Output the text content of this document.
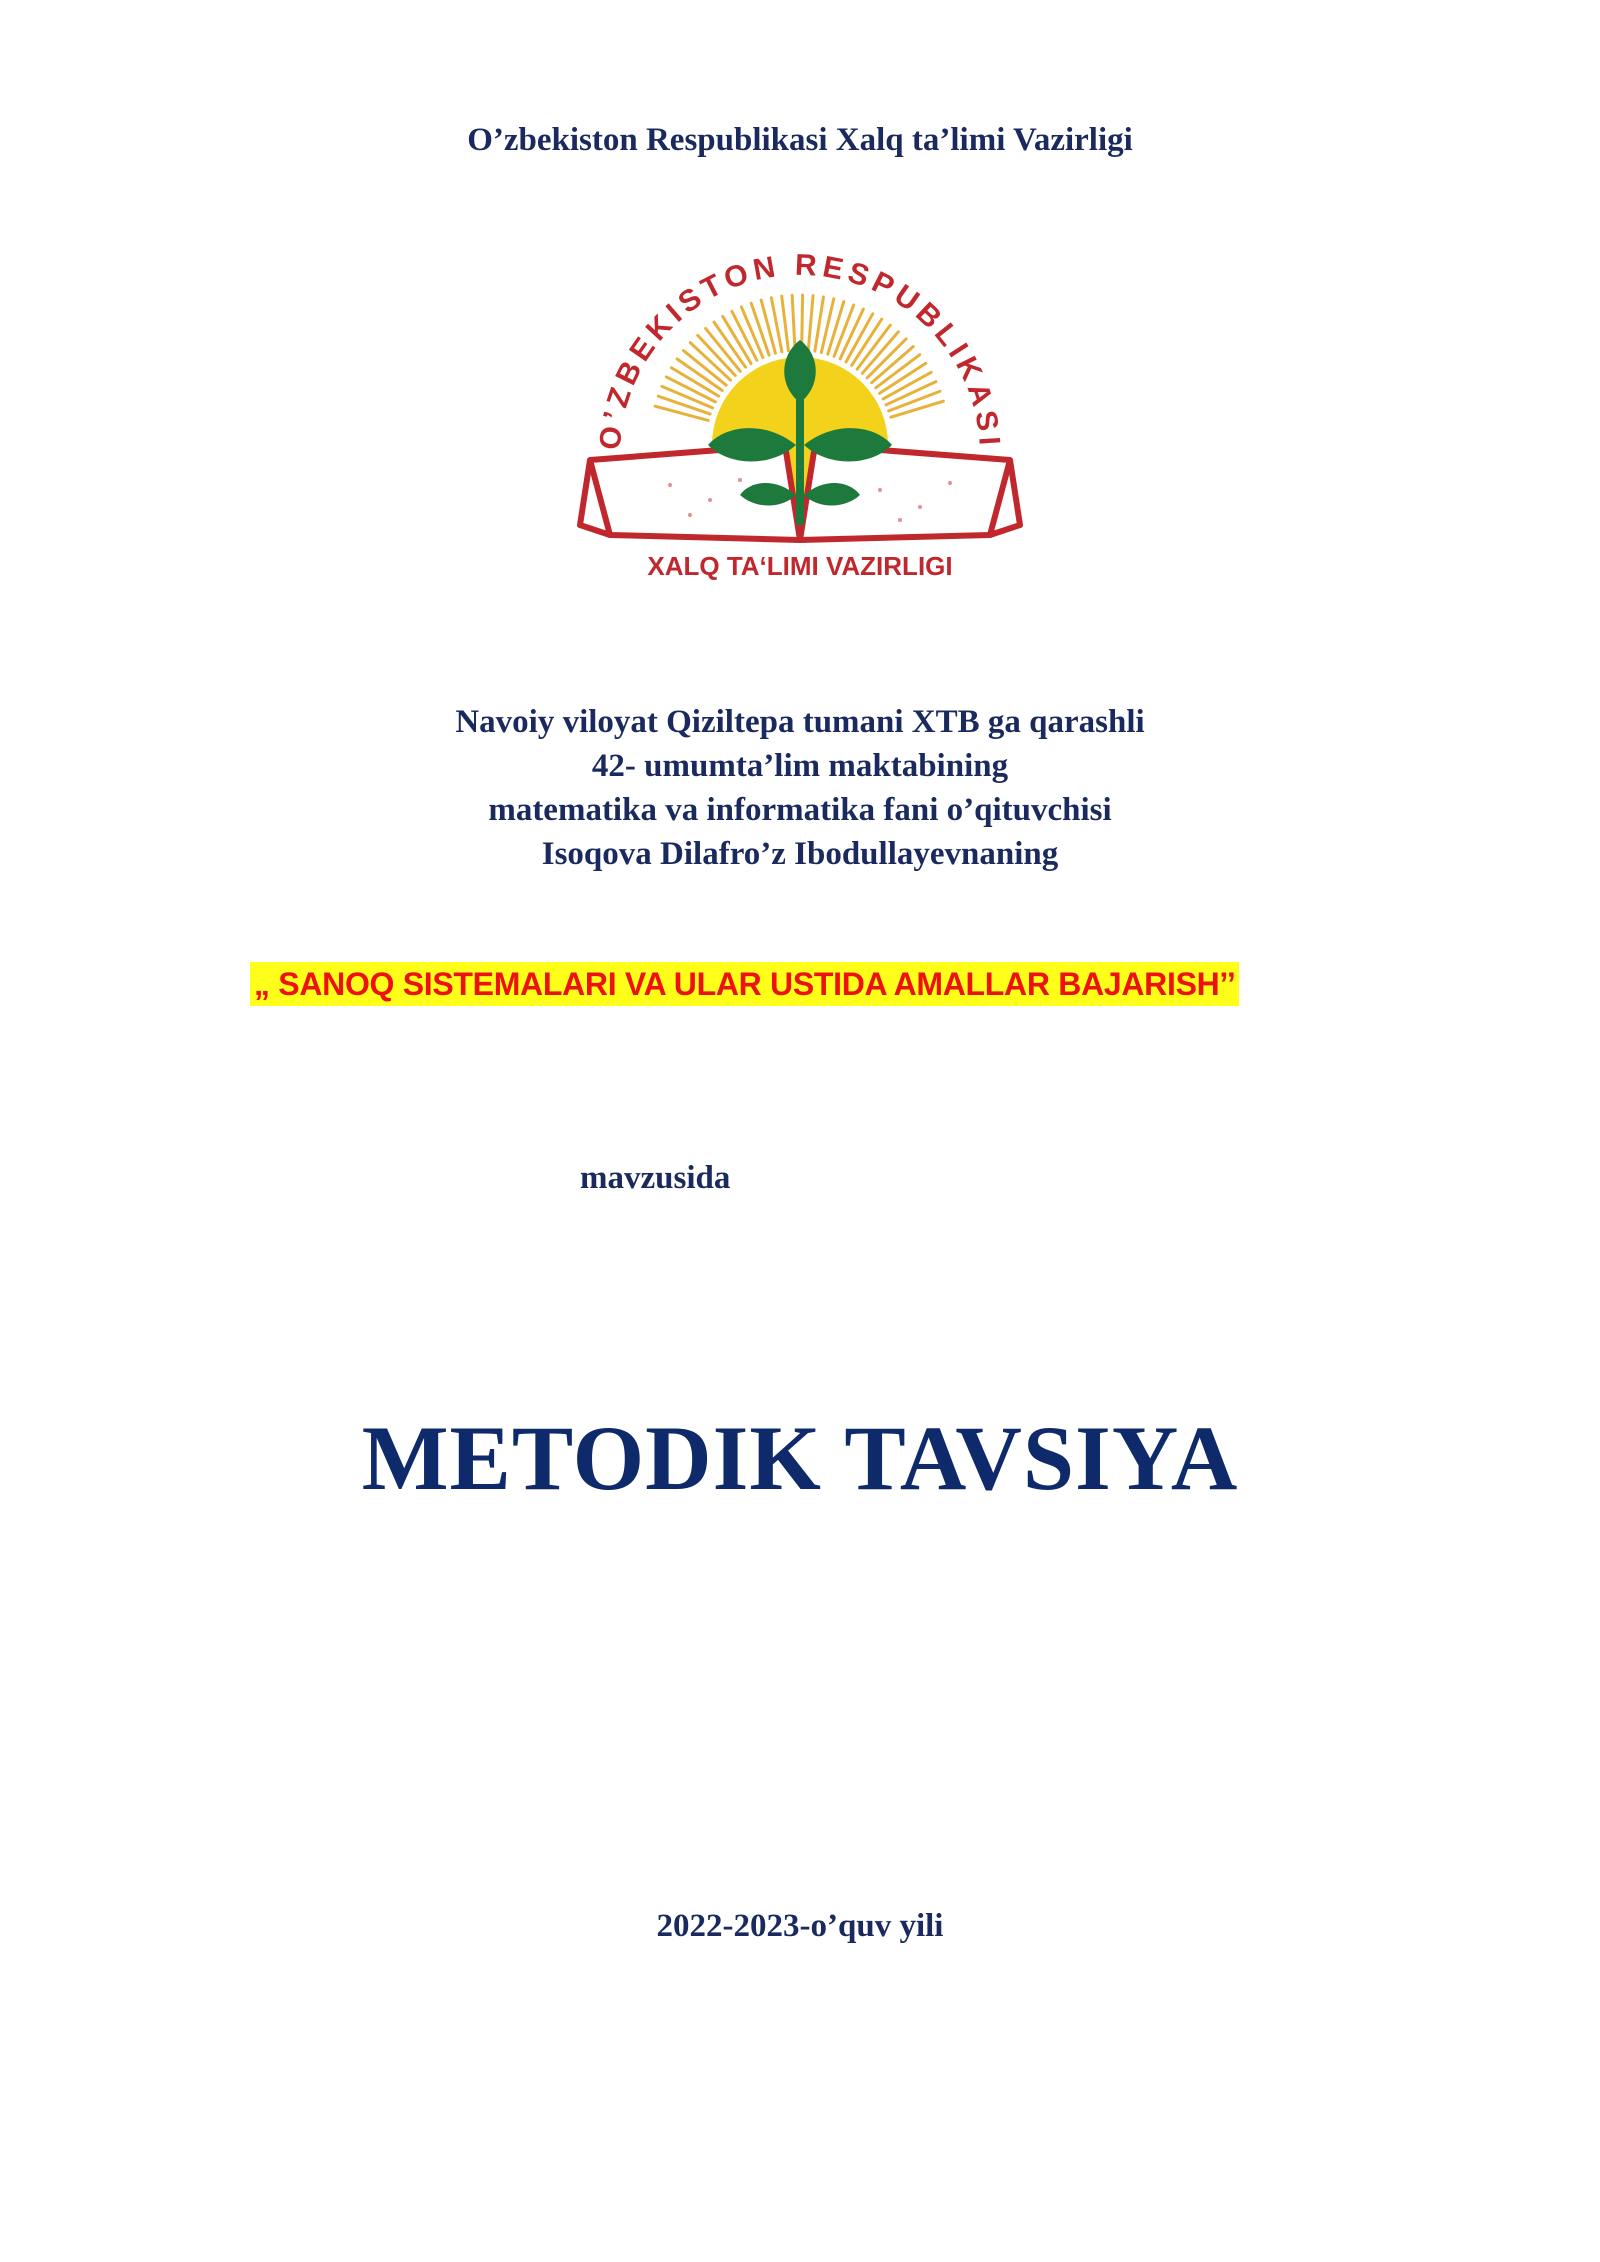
O’zbekiston Respublikasi Xalq ta’limi Vazirligi
O’ZBEKISTON RESPUBLIKASI
XALQ TA‘LIMI VAZIRLIGI
Navoiy viloyat Qiziltepa tumani XTB ga qarashli
42- umumta’lim maktabining
matematika va informatika fani o’qituvchisi
Isoqova Dilafro’z Ibodullayevnaning
„ SANOQ SISTEMALARI VA ULAR USTIDA AMALLAR BAJARISH’’
mavzusida
METODIK TAVSIYA
2022-2023-o’quv yili
